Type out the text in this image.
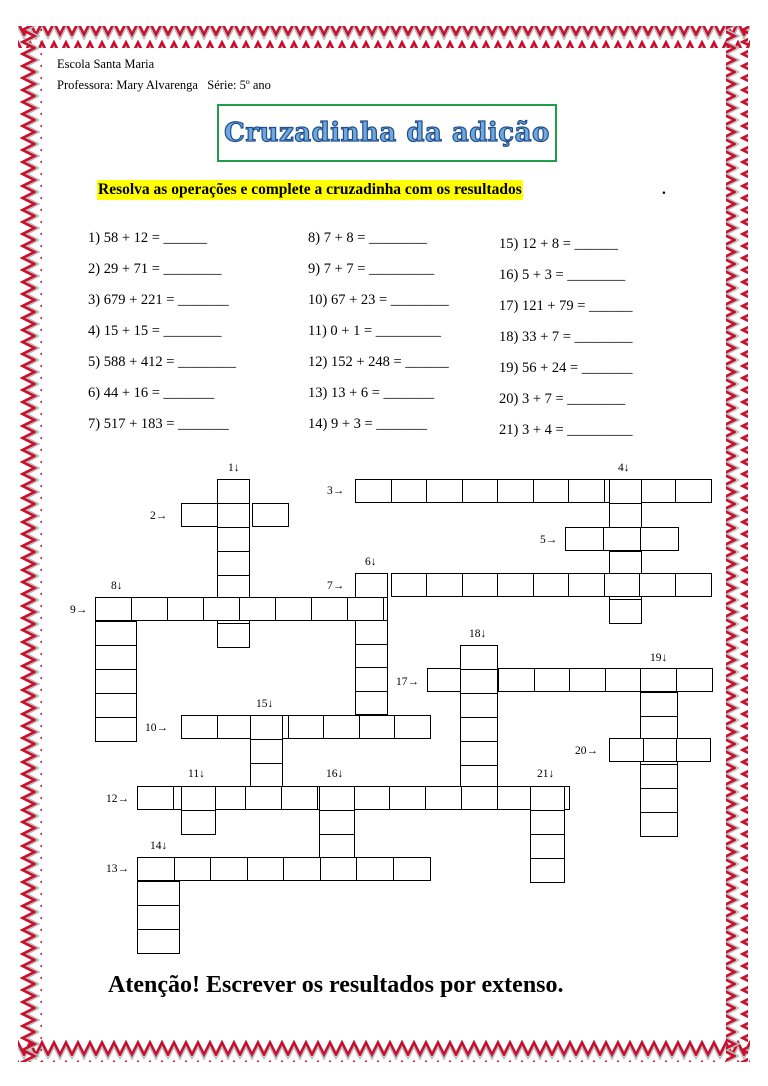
Escola Santa Maria
Professora: Mary Alvarenga   Série: 5º ano
Cruzadinha da adição
Resolva as operações e complete a cruzadinha com os resultados	.
1) 58 + 12 = ______
2) 29 + 71 = ________
3) 679 + 221 = _______
4) 15 + 15 = ________
5) 588 + 412 = ________
6) 44 + 16 = _______
7) 517 + 183 = _______
8) 7 + 8 = ________
9) 7 + 7 = _________
10) 67 + 23 = ________
11) 0 + 1 = _________
12) 152 + 248 = ______
13) 13 + 6 = _______
14) 9 + 3 = _______
15) 12 + 8 = ______
16) 5 + 3 = ________
17) 121 + 79 = ______
18) 33 + 7 = ________
19) 56 + 24 = _______
20) 3 + 7 = ________
21) 3 + 4 = _________
1↓
2→
3→
4↓
5→
6↓
7→
8↓
9→
10→
11↓
12→
13→
14↓
15↓
16↓
17→
18↓
19↓
20→
21↓
Atenção! Escrever os resultados por extenso.
